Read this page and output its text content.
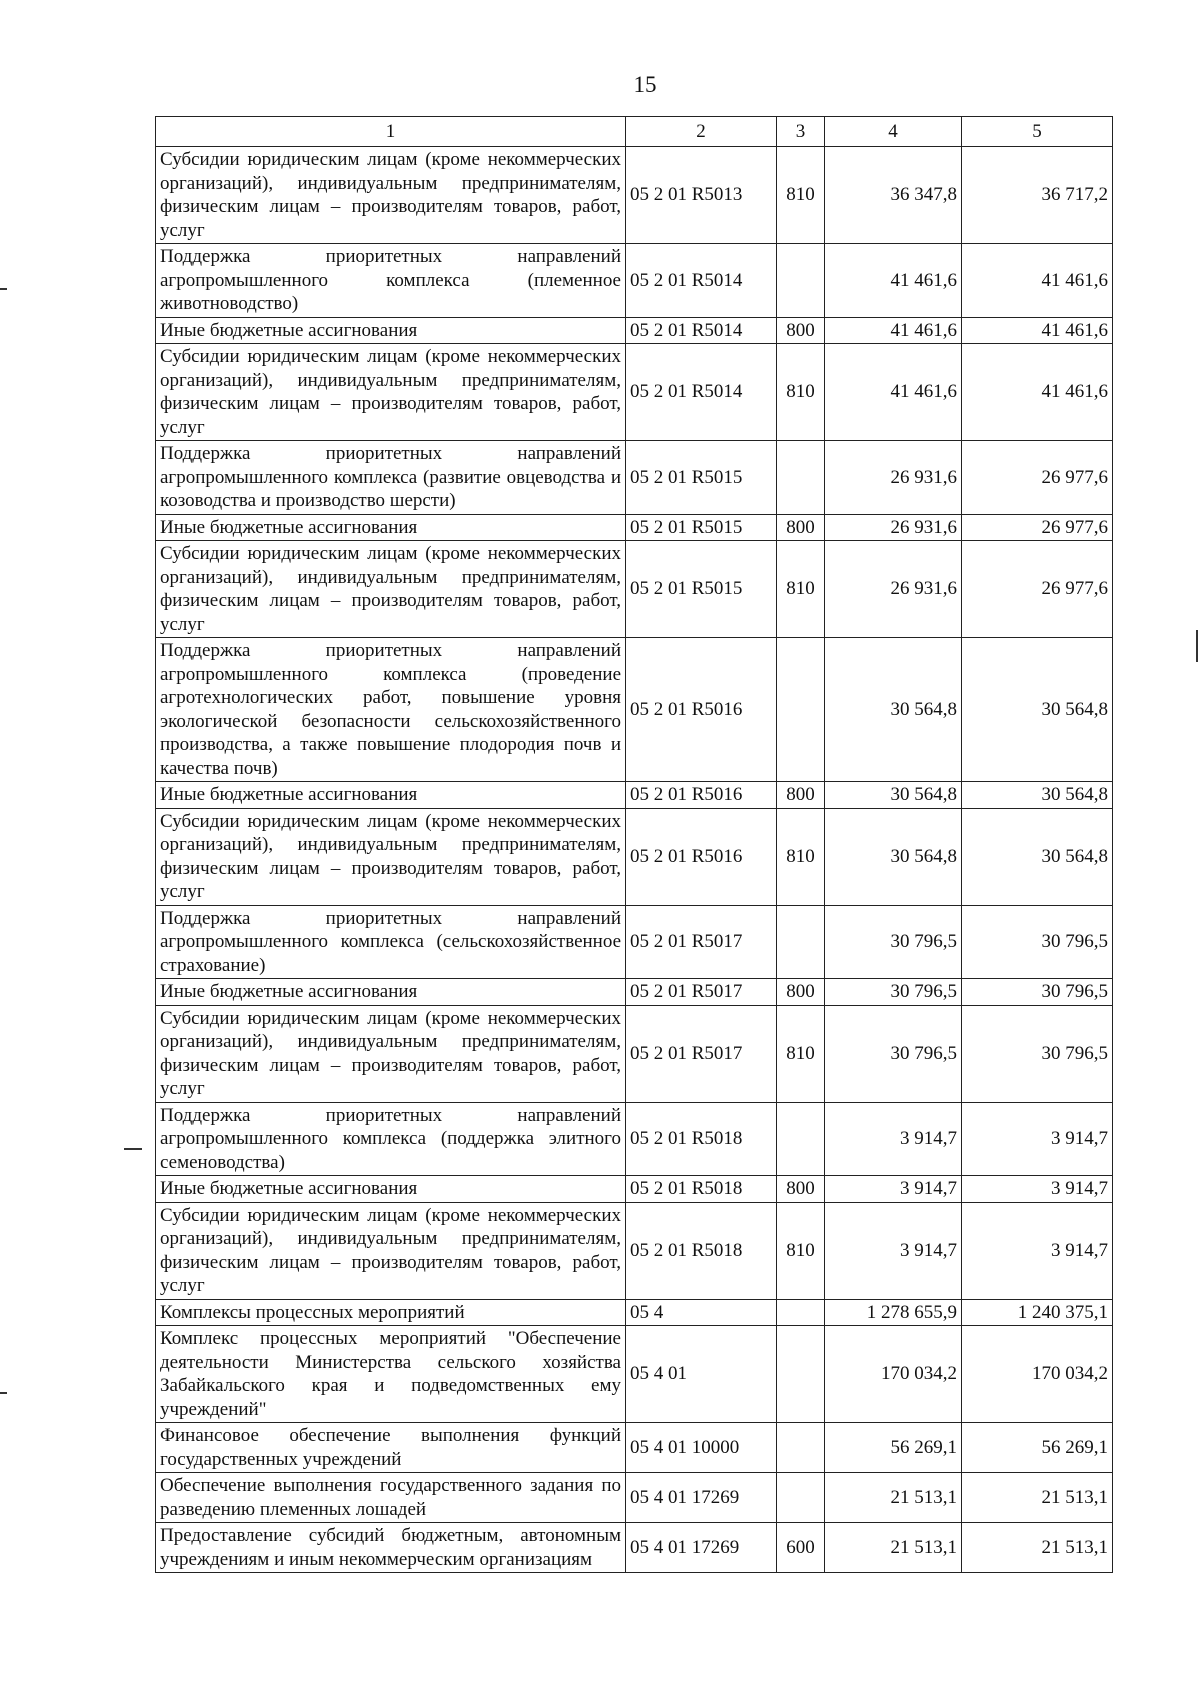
15
1	2	3	4	5
Субсидии юридическим лицам (кроме некоммерческих организаций), индивидуальным предпринимателям, физическим лицам – производителям товаров, работ, услуг	05 2 01 R5013	810	36 347,8	36 717,2
Поддержка приоритетных направлений агропромышленного комплекса (племенное животноводство)	05 2 01 R5014		41 461,6	41 461,6
Иные бюджетные ассигнования	05 2 01 R5014	800	41 461,6	41 461,6
Субсидии юридическим лицам (кроме некоммерческих организаций), индивидуальным предпринимателям, физическим лицам – производителям товаров, работ, услуг	05 2 01 R5014	810	41 461,6	41 461,6
Поддержка приоритетных направлений агропромышленного комплекса (развитие овцеводства и козоводства и производство шерсти)	05 2 01 R5015		26 931,6	26 977,6
Иные бюджетные ассигнования	05 2 01 R5015	800	26 931,6	26 977,6
Субсидии юридическим лицам (кроме некоммерческих организаций), индивидуальным предпринимателям, физическим лицам – производителям товаров, работ, услуг	05 2 01 R5015	810	26 931,6	26 977,6
Поддержка приоритетных направлений агропромышленного комплекса (проведение агротехнологических работ, повышение уровня экологической безопасности сельскохозяйственного производства, а также повышение плодородия почв и качества почв)	05 2 01 R5016		30 564,8	30 564,8
Иные бюджетные ассигнования	05 2 01 R5016	800	30 564,8	30 564,8
Субсидии юридическим лицам (кроме некоммерческих организаций), индивидуальным предпринимателям, физическим лицам – производителям товаров, работ, услуг	05 2 01 R5016	810	30 564,8	30 564,8
Поддержка приоритетных направлений агропромышленного комплекса (сельскохозяйственное страхование)	05 2 01 R5017		30 796,5	30 796,5
Иные бюджетные ассигнования	05 2 01 R5017	800	30 796,5	30 796,5
Субсидии юридическим лицам (кроме некоммерческих организаций), индивидуальным предпринимателям, физическим лицам – производителям товаров, работ, услуг	05 2 01 R5017	810	30 796,5	30 796,5
Поддержка приоритетных направлений агропромышленного комплекса (поддержка элитного семеноводства)	05 2 01 R5018		3 914,7	3 914,7
Иные бюджетные ассигнования	05 2 01 R5018	800	3 914,7	3 914,7
Субсидии юридическим лицам (кроме некоммерческих организаций), индивидуальным предпринимателям, физическим лицам – производителям товаров, работ, услуг	05 2 01 R5018	810	3 914,7	3 914,7
Комплексы процессных мероприятий	05 4		1 278 655,9	1 240 375,1
Комплекс процессных мероприятий "Обеспечение деятельности Министерства сельского хозяйства Забайкальского края и подведомственных ему учреждений"	05 4 01		170 034,2	170 034,2
Финансовое обеспечение выполнения функций государственных учреждений	05 4 01 10000		56 269,1	56 269,1
Обеспечение выполнения государственного задания по разведению племенных лошадей	05 4 01 17269		21 513,1	21 513,1
Предоставление субсидий бюджетным, автономным учреждениям и иным некоммерческим организациям	05 4 01 17269	600	21 513,1	21 513,1
